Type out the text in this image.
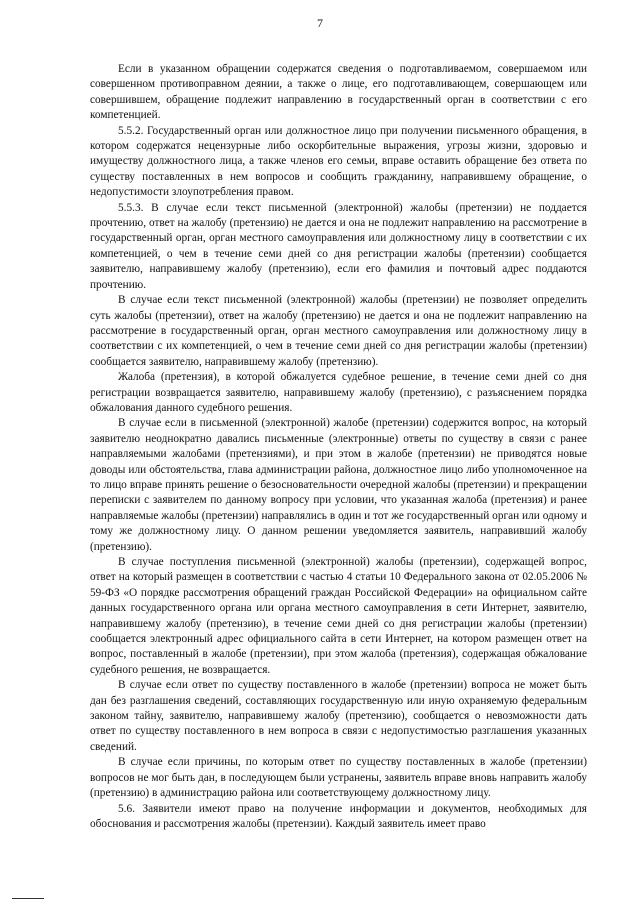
7

Если в указанном обращении содержатся сведения о подготавливаемом, совершаемом или совершенном противоправном деянии, а также о лице, его подготавливающем, совершающем или совершившем, обращение подлежит направлению в государственный орган в соответствии с его компетенцией.

5.5.2. Государственный орган или должностное лицо при получении письменного обращения, в котором содержатся нецензурные либо оскорбительные выражения, угрозы жизни, здоровью и имуществу должностного лица, а также членов его семьи, вправе оставить обращение без ответа по существу поставленных в нем вопросов и сообщить гражданину, направившему обращение, о недопустимости злоупотребления правом.

5.5.3. В случае если текст письменной (электронной) жалобы (претензии) не поддается прочтению, ответ на жалобу (претензию) не дается и она не подлежит направлению на рассмотрение в государственный орган, орган местного самоуправления или должностному лицу в соответствии с их компетенцией, о чем в течение семи дней со дня регистрации жалобы (претензии) сообщается заявителю, направившему жалобу (претензию), если его фамилия и почтовый адрес поддаются прочтению.

В случае если текст письменной (электронной) жалобы (претензии) не позволяет определить суть жалобы (претензии), ответ на жалобу (претензию) не дается и она не подлежит направлению на рассмотрение в государственный орган, орган местного самоуправления или должностному лицу в соответствии с их компетенцией, о чем в течение семи дней со дня регистрации жалобы (претензии) сообщается заявителю, направившему жалобу (претензию).

Жалоба (претензия), в которой обжалуется судебное решение, в течение семи дней со дня регистрации возвращается заявителю, направившему жалобу (претензию), с разъяснением порядка обжалования данного судебного решения.

В случае если в письменной (электронной) жалобе (претензии) содержится вопрос, на который заявителю неоднократно давались письменные (электронные) ответы по существу в связи с ранее направляемыми жалобами (претензиями), и при этом в жалобе (претензии) не приводятся новые доводы или обстоятельства, глава администрации района, должностное лицо либо уполномоченное на то лицо вправе принять решение о безосновательности очередной жалобы (претензии) и прекращении переписки с заявителем по данному вопросу при условии, что указанная жалоба (претензия) и ранее направляемые жалобы (претензии) направлялись в один и тот же государственный орган или одному и тому же должностному лицу. О данном решении уведомляется заявитель, направивший жалобу (претензию).

В случае поступления письменной (электронной) жалобы (претензии), содержащей вопрос, ответ на который размещен в соответствии с частью 4 статьи 10 Федерального закона от 02.05.2006 № 59-ФЗ «О порядке рассмотрения обращений граждан Российской Федерации» на официальном сайте данных государственного органа или органа местного самоуправления в сети Интернет, заявителю, направившему жалобу (претензию), в течение семи дней со дня регистрации жалобы (претензии) сообщается электронный адрес официального сайта в сети Интернет, на котором размещен ответ на вопрос, поставленный в жалобе (претензии), при этом жалоба (претензия), содержащая обжалование судебного решения, не возвращается.

В случае если ответ по существу поставленного в жалобе (претензии) вопроса не может быть дан без разглашения сведений, составляющих государственную или иную охраняемую федеральным законом тайну, заявителю, направившему жалобу (претензию), сообщается о невозможности дать ответ по существу поставленного в нем вопроса в связи с недопустимостью разглашения указанных сведений.

В случае если причины, по которым ответ по существу поставленных в жалобе (претензии) вопросов не мог быть дан, в последующем были устранены, заявитель вправе вновь направить жалобу (претензию) в администрацию района или соответствующему должностному лицу.

5.6. Заявители имеют право на получение информации и документов, необходимых для обоснования и рассмотрения жалобы (претензии). Каждый заявитель имеет право
